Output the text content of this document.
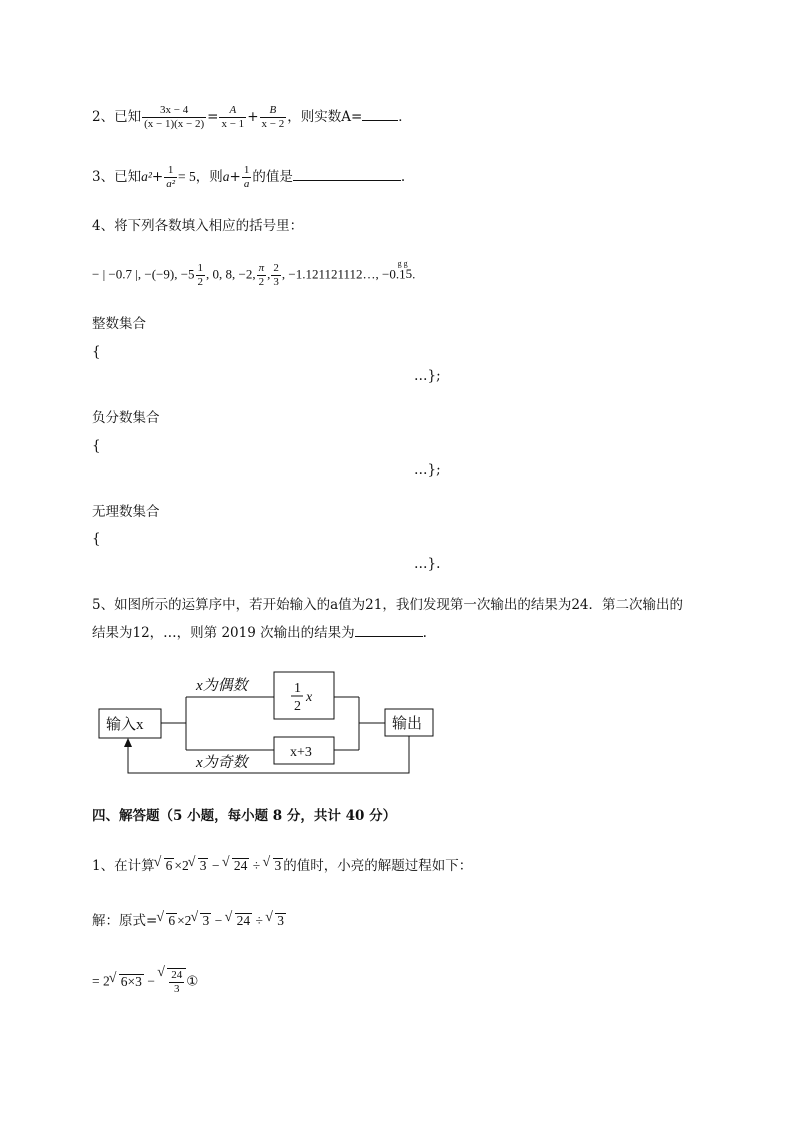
2、已知 $\frac{3x - 4}{(x - 1)(x - 2)} = \frac{A}{x - 1} + \frac{B}{x - 2}$ ，则实数A=	．
3、已知$a^2+ \frac{1}{\text{a²}} = 5$，则$a+ \frac{1}{a}$ 的值是	.
4、将下列各数填入相应的括号里：
− | −0.7 |, −(−9), $-5 \frac{1}{2}$ , 0, 8, −2, $\frac{\pi}{2}$ , $\frac{2}{3}$ , −1.121121112…, −0.15
g g
.
整数集合
{
…};
负分数集合
{
…};
无理数集合
{
…}.
5、如图所示的运算序中，若开始输入的a值为21，我们发现第一次输出的结果为24．第二次输出的
结果为12，…，则第 2019 次输出的结果为	.
输入x	输出
x为偶数
x为奇数
1
2
x
x+3
四、解答题（5 小题，每小题 8 分，共计 40 分）
1、在计算 √ 6 ×2 √ 3 − √ 24 ÷ √ 3 的值时，小亮的解题过程如下：
解：原式= √ 6 ×2 √ 3 − √ 24 ÷ √ 3
= 2 √ 6×3 − √ $\frac{24}{3}$ ①
